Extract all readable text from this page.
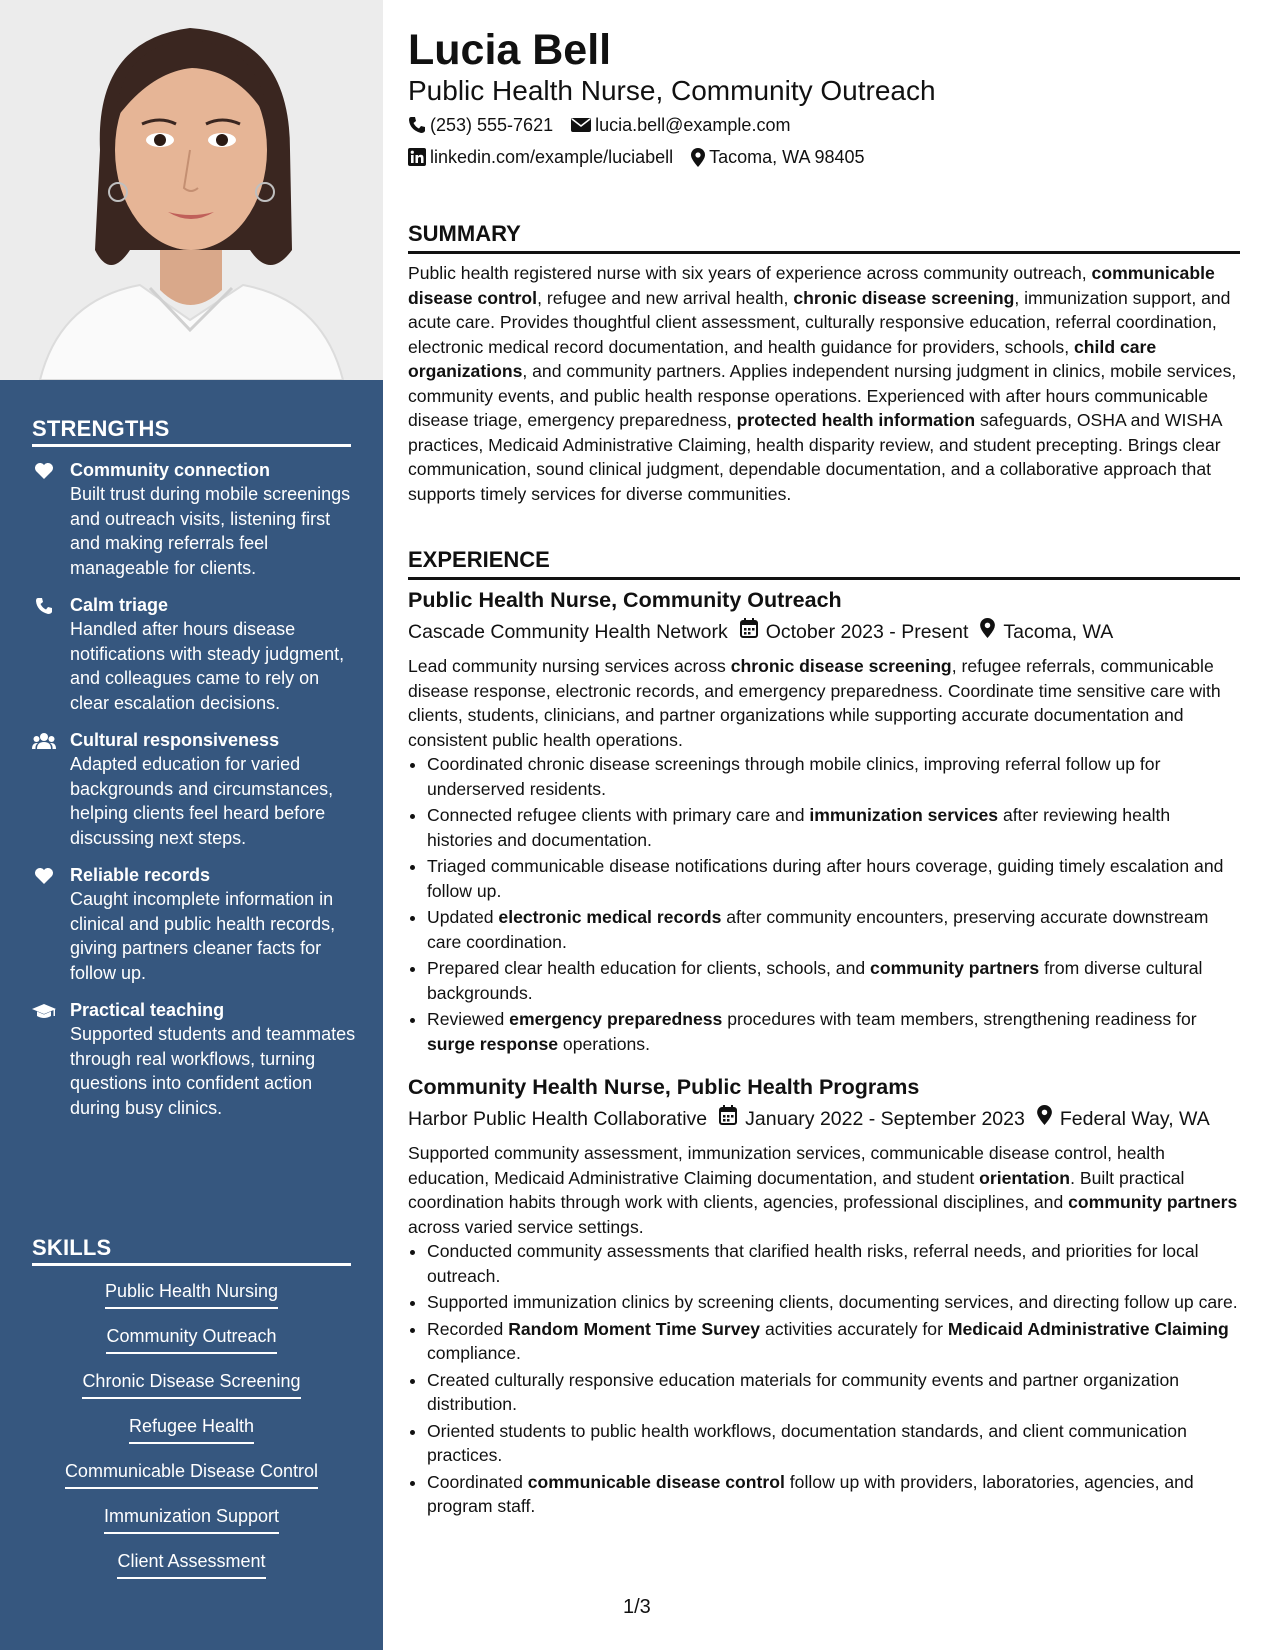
STRENGTHS
Community connection
Built trust during mobile screenings and outreach visits, listening first and making referrals feel manageable for clients.
Calm triage
Handled after hours disease notifications with steady judgment, and colleagues came to rely on clear escalation decisions.
Cultural responsiveness
Adapted education for varied backgrounds and circumstances, helping clients feel heard before discussing next steps.
Reliable records
Caught incomplete information in clinical and public health records, giving partners cleaner facts for follow up.
Practical teaching
Supported students and teammates through real workflows, turning questions into confident action during busy clinics.
SKILLS
Public Health Nursing
Community Outreach
Chronic Disease Screening
Refugee Health
Communicable Disease Control
Immunization Support
Client Assessment
Lucia Bell
Public Health Nurse, Community Outreach
(253) 555-7621 lucia.bell@example.com
linkedin.com/example/luciabell Tacoma, WA 98405
SUMMARY
Public health registered nurse with six years of experience across community outreach, communicable disease control, refugee and new arrival health, chronic disease screening, immunization support, and acute care. Provides thoughtful client assessment, culturally responsive education, referral coordination, electronic medical record documentation, and health guidance for providers, schools, child care organizations, and community partners. Applies independent nursing judgment in clinics, mobile services, community events, and public health response operations. Experienced with after hours communicable disease triage, emergency preparedness, protected health information safeguards, OSHA and WISHA practices, Medicaid Administrative Claiming, health disparity review, and student precepting. Brings clear communication, sound clinical judgment, dependable documentation, and a collaborative approach that supports timely services for diverse communities.
EXPERIENCE
Public Health Nurse, Community Outreach
Cascade Community Health Network October 2023 - Present Tacoma, WA
Lead community nursing services across chronic disease screening, refugee referrals, communicable disease response, electronic records, and emergency preparedness. Coordinate time sensitive care with clients, students, clinicians, and partner organizations while supporting accurate documentation and consistent public health operations.
• Coordinated chronic disease screenings through mobile clinics, improving referral follow up for underserved residents.
• Connected refugee clients with primary care and immunization services after reviewing health histories and documentation.
• Triaged communicable disease notifications during after hours coverage, guiding timely escalation and follow up.
• Updated electronic medical records after community encounters, preserving accurate downstream care coordination.
• Prepared clear health education for clients, schools, and community partners from diverse cultural backgrounds.
• Reviewed emergency preparedness procedures with team members, strengthening readiness for surge response operations.
Community Health Nurse, Public Health Programs
Harbor Public Health Collaborative January 2022 - September 2023 Federal Way, WA
Supported community assessment, immunization services, communicable disease control, health education, Medicaid Administrative Claiming documentation, and student orientation. Built practical coordination habits through work with clients, agencies, professional disciplines, and community partners across varied service settings.
• Conducted community assessments that clarified health risks, referral needs, and priorities for local outreach.
• Supported immunization clinics by screening clients, documenting services, and directing follow up care.
• Recorded Random Moment Time Survey activities accurately for Medicaid Administrative Claiming compliance.
• Created culturally responsive education materials for community events and partner organization distribution.
• Oriented students to public health workflows, documentation standards, and client communication practices.
• Coordinated communicable disease control follow up with providers, laboratories, agencies, and program staff.
1/3
